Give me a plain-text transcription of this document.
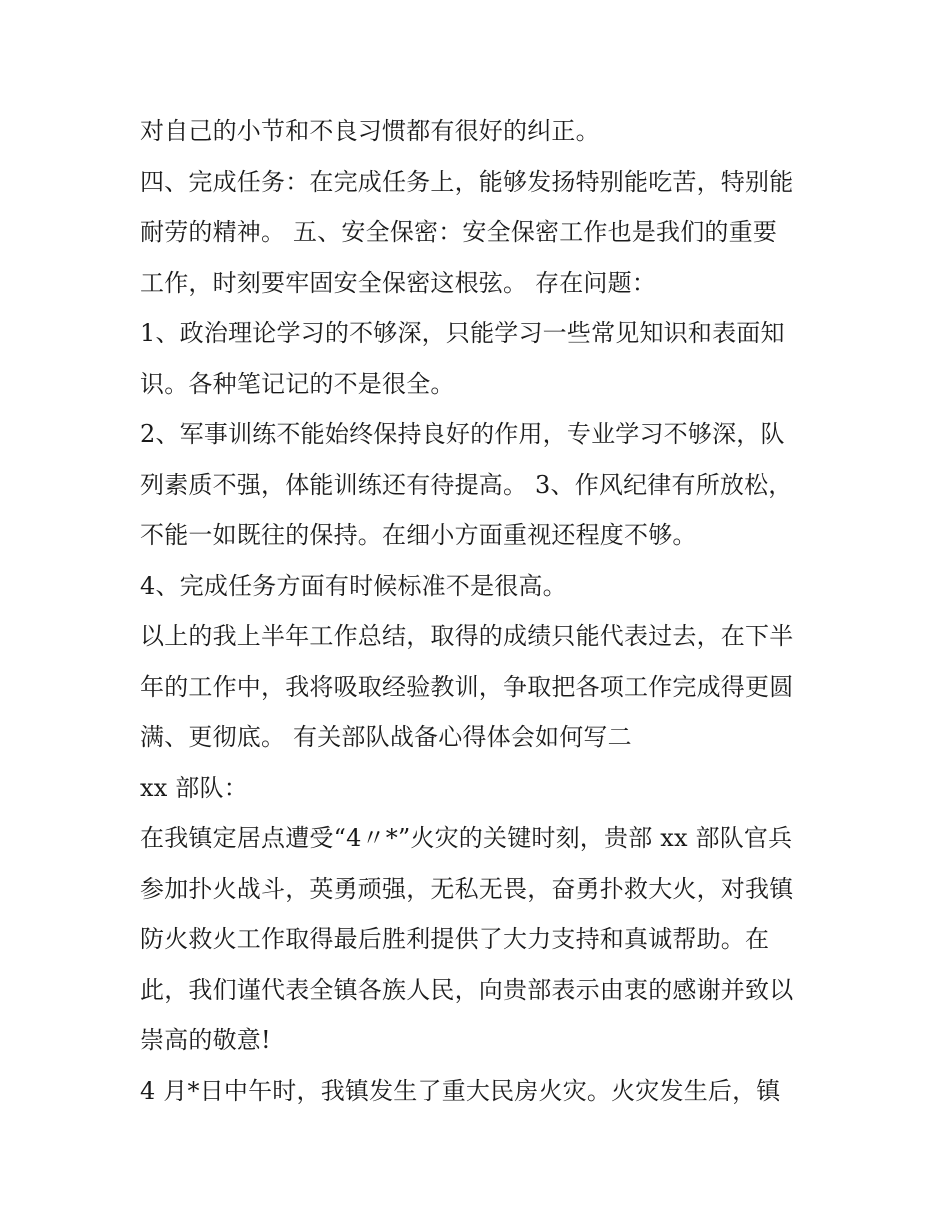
对自己的小节和不良习惯都有很好的纠正。
四、完成任务：在完成任务上，能够发扬特别能吃苦，特别能
耐劳的精神。 五、安全保密：安全保密工作也是我们的重要
工作，时刻要牢固安全保密这根弦。 存在问题：
1、政治理论学习的不够深，只能学习一些常见知识和表面知
识。各种笔记记的不是很全。
2、军事训练不能始终保持良好的作用，专业学习不够深，队
列素质不强，体能训练还有待提高。 3、作风纪律有所放松，
不能一如既往的保持。在细小方面重视还程度不够。
4、完成任务方面有时候标准不是很高。
以上的我上半年工作总结，取得的成绩只能代表过去，在下半
年的工作中，我将吸取经验教训，争取把各项工作完成得更圆
满、更彻底。 有关部队战备心得体会如何写二
xx 部队：
在我镇定居点遭受“4〃*”火灾的关键时刻，贵部 xx 部队官兵
参加扑火战斗，英勇顽强，无私无畏，奋勇扑救大火，对我镇
防火救火工作取得最后胜利提供了大力支持和真诚帮助。在
此，我们谨代表全镇各族人民，向贵部表示由衷的感谢并致以
崇高的敬意!
4 月*日中午时，我镇发生了重大民房火灾。火灾发生后，镇
